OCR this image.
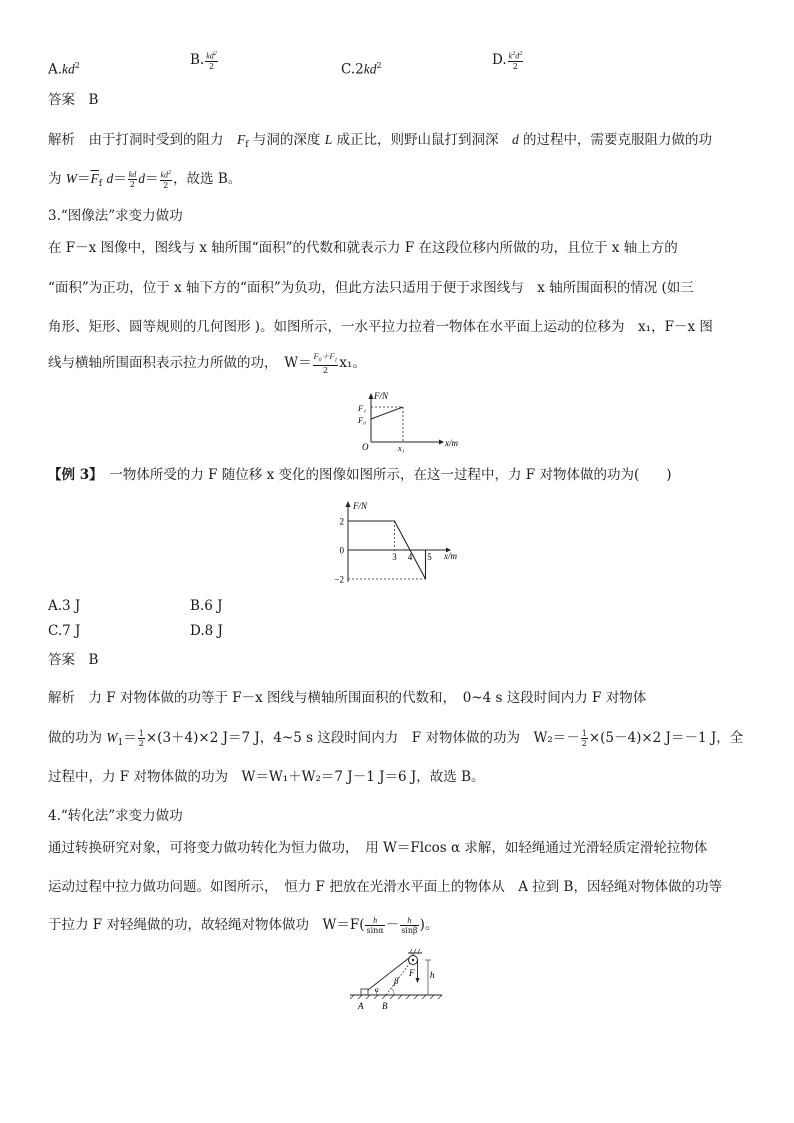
$A.kd^2$	B. $\frac{kd^2}{2}$	$C.2kd^2$	D. $\frac{k^2d^2}{2}$
答案　B
解析　 由于打洞时受到的阻力　 $F_f$ 与洞的深度 L 成正比，则野山鼠打到洞深　 d 的过程中，需要克服阻力做的功
为 $W=\overline{F}_f$ $d= \frac{kd}{2} d= \frac{kd^2}{2}$ ，故选 B。
3.“图像法”求变力做功
在 F－x 图像中，图线与 x 轴所围“面积”的代数和就表示力 F 在这段位移内所做的功，且位于 x 轴上方的
“面积”为正功，位于 x 轴下方的“面积”为负功，但此方法只适用于便于求图线与　x 轴所围面积的情况 (如三
角形、矩形、圆等规则的几何图形 )。如图所示，一水平拉力拉着一物体在水平面上运动的位移为　x₁，F－x 图
线与横轴所围面积表示拉力所做的功，　$W= \frac{F_0+F_1}{2} x_1$。
F/N
x/m
F₁
F₀
O	x₁
【例 3】　 一物体所受的力 F 随位移 x 变化的图像如图所示，在这一过程中，力 F 对物体做的功为(　　)
F/N
x/m
2
0
−2
3 4 5
A.3 J	B.6 J
C.7 J	D.8 J
答案　B
解析　力 F 对物体做的功等于 F－x 图线与横轴所围面积的代数和，　0~4 s 这段时间内力 F 对物体
做的功为 $W_1= \frac{1}{2} \times(3+4)\times 2$ J＝7 J，4~5 s 这段时间内力　F 对物体做的功为　$W_2=- \frac{1}{2} \times(5-4)\times 2$ J＝－1 J，全
过程中，力 F 对物体做的功为　W＝W₁＋W₂＝7 J－1 J＝6 J，故选 B。
4.“转化法”求变力做功
通过转换研究对象，可将变力做功转化为恒力做功，　用 W＝Flcos α 求解，如轻绳通过光滑轻质定滑轮拉物体
运动过程中拉力做功问题。如图所示，　恒力 F 把放在光滑水平面上的物体从　A 拉到 B，因轻绳对物体做的功等
于拉力 F 对轻绳做的功，故轻绳对物体做功　$W=F( \frac{h}{\sin\alpha} - \frac{h}{\sin\beta}$ )。
F h
α
β
A B
